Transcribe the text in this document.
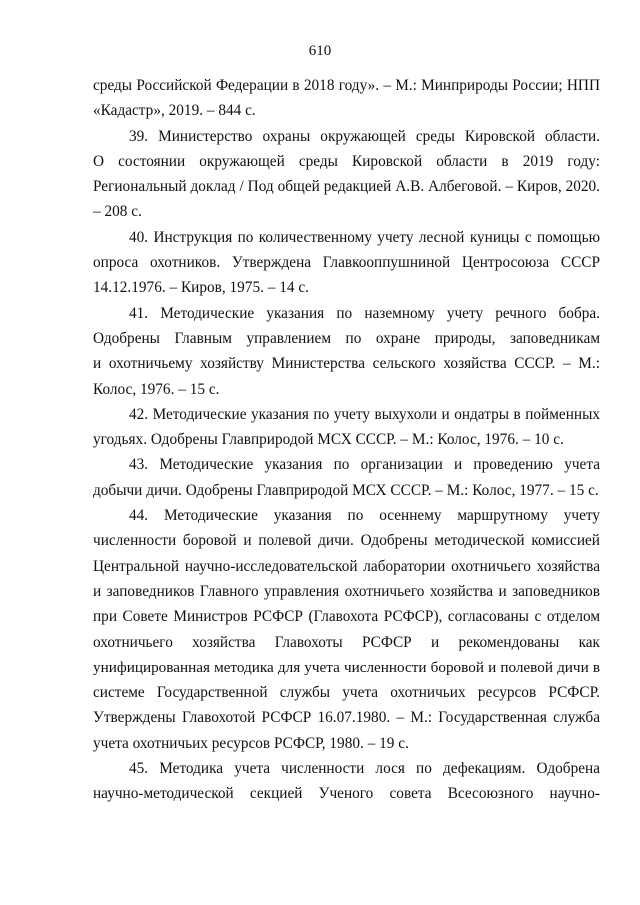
610

среды Российской Федерации в 2018 году». – М.: Минприроды России; НПП
«Кадастр», 2019. – 844 с.

39. Министерство охраны окружающей среды Кировской области.
О состоянии окружающей среды Кировской области в 2019 году:
Региональный доклад / Под общей редакцией А.В. Албеговой. – Киров, 2020.
– 208 с.

40. Инструкция по количественному учету лесной куницы с помощью
опроса охотников. Утверждена Главкооппушниной Центросоюза СССР
14.12.1976. – Киров, 1975. – 14 с.

41. Методические указания по наземному учету речного бобра.
Одобрены Главным управлением по охране природы, заповедникам
и охотничьему хозяйству Министерства сельского хозяйства СССР. – М.:
Колос, 1976. – 15 с.

42. Методические указания по учету выхухоли и ондатры в пойменных
угодьях. Одобрены Главприродой МСХ СССР. – М.: Колос, 1976. – 10 с.

43. Методические указания по организации и проведению учета
добычи дичи. Одобрены Главприродой МСХ СССР. – М.: Колос, 1977. – 15 с.

44. Методические указания по осеннему маршрутному учету
численности боровой и полевой дичи. Одобрены методической комиссией
Центральной научно-исследовательской лаборатории охотничьего хозяйства
и заповедников Главного управления охотничьего хозяйства и заповедников
при Совете Министров РСФСР (Главохота РСФСР), согласованы с отделом
охотничьего хозяйства Главохоты РСФСР и рекомендованы как
унифицированная методика для учета численности боровой и полевой дичи в
системе Государственной службы учета охотничьих ресурсов РСФСР.
Утверждены Главохотой РСФСР 16.07.1980. – М.: Государственная служба
учета охотничьих ресурсов РСФСР, 1980. – 19 с.

45. Методика учета численности лося по дефекациям. Одобрена
научно-методической секцией Ученого совета Всесоюзного научно-
